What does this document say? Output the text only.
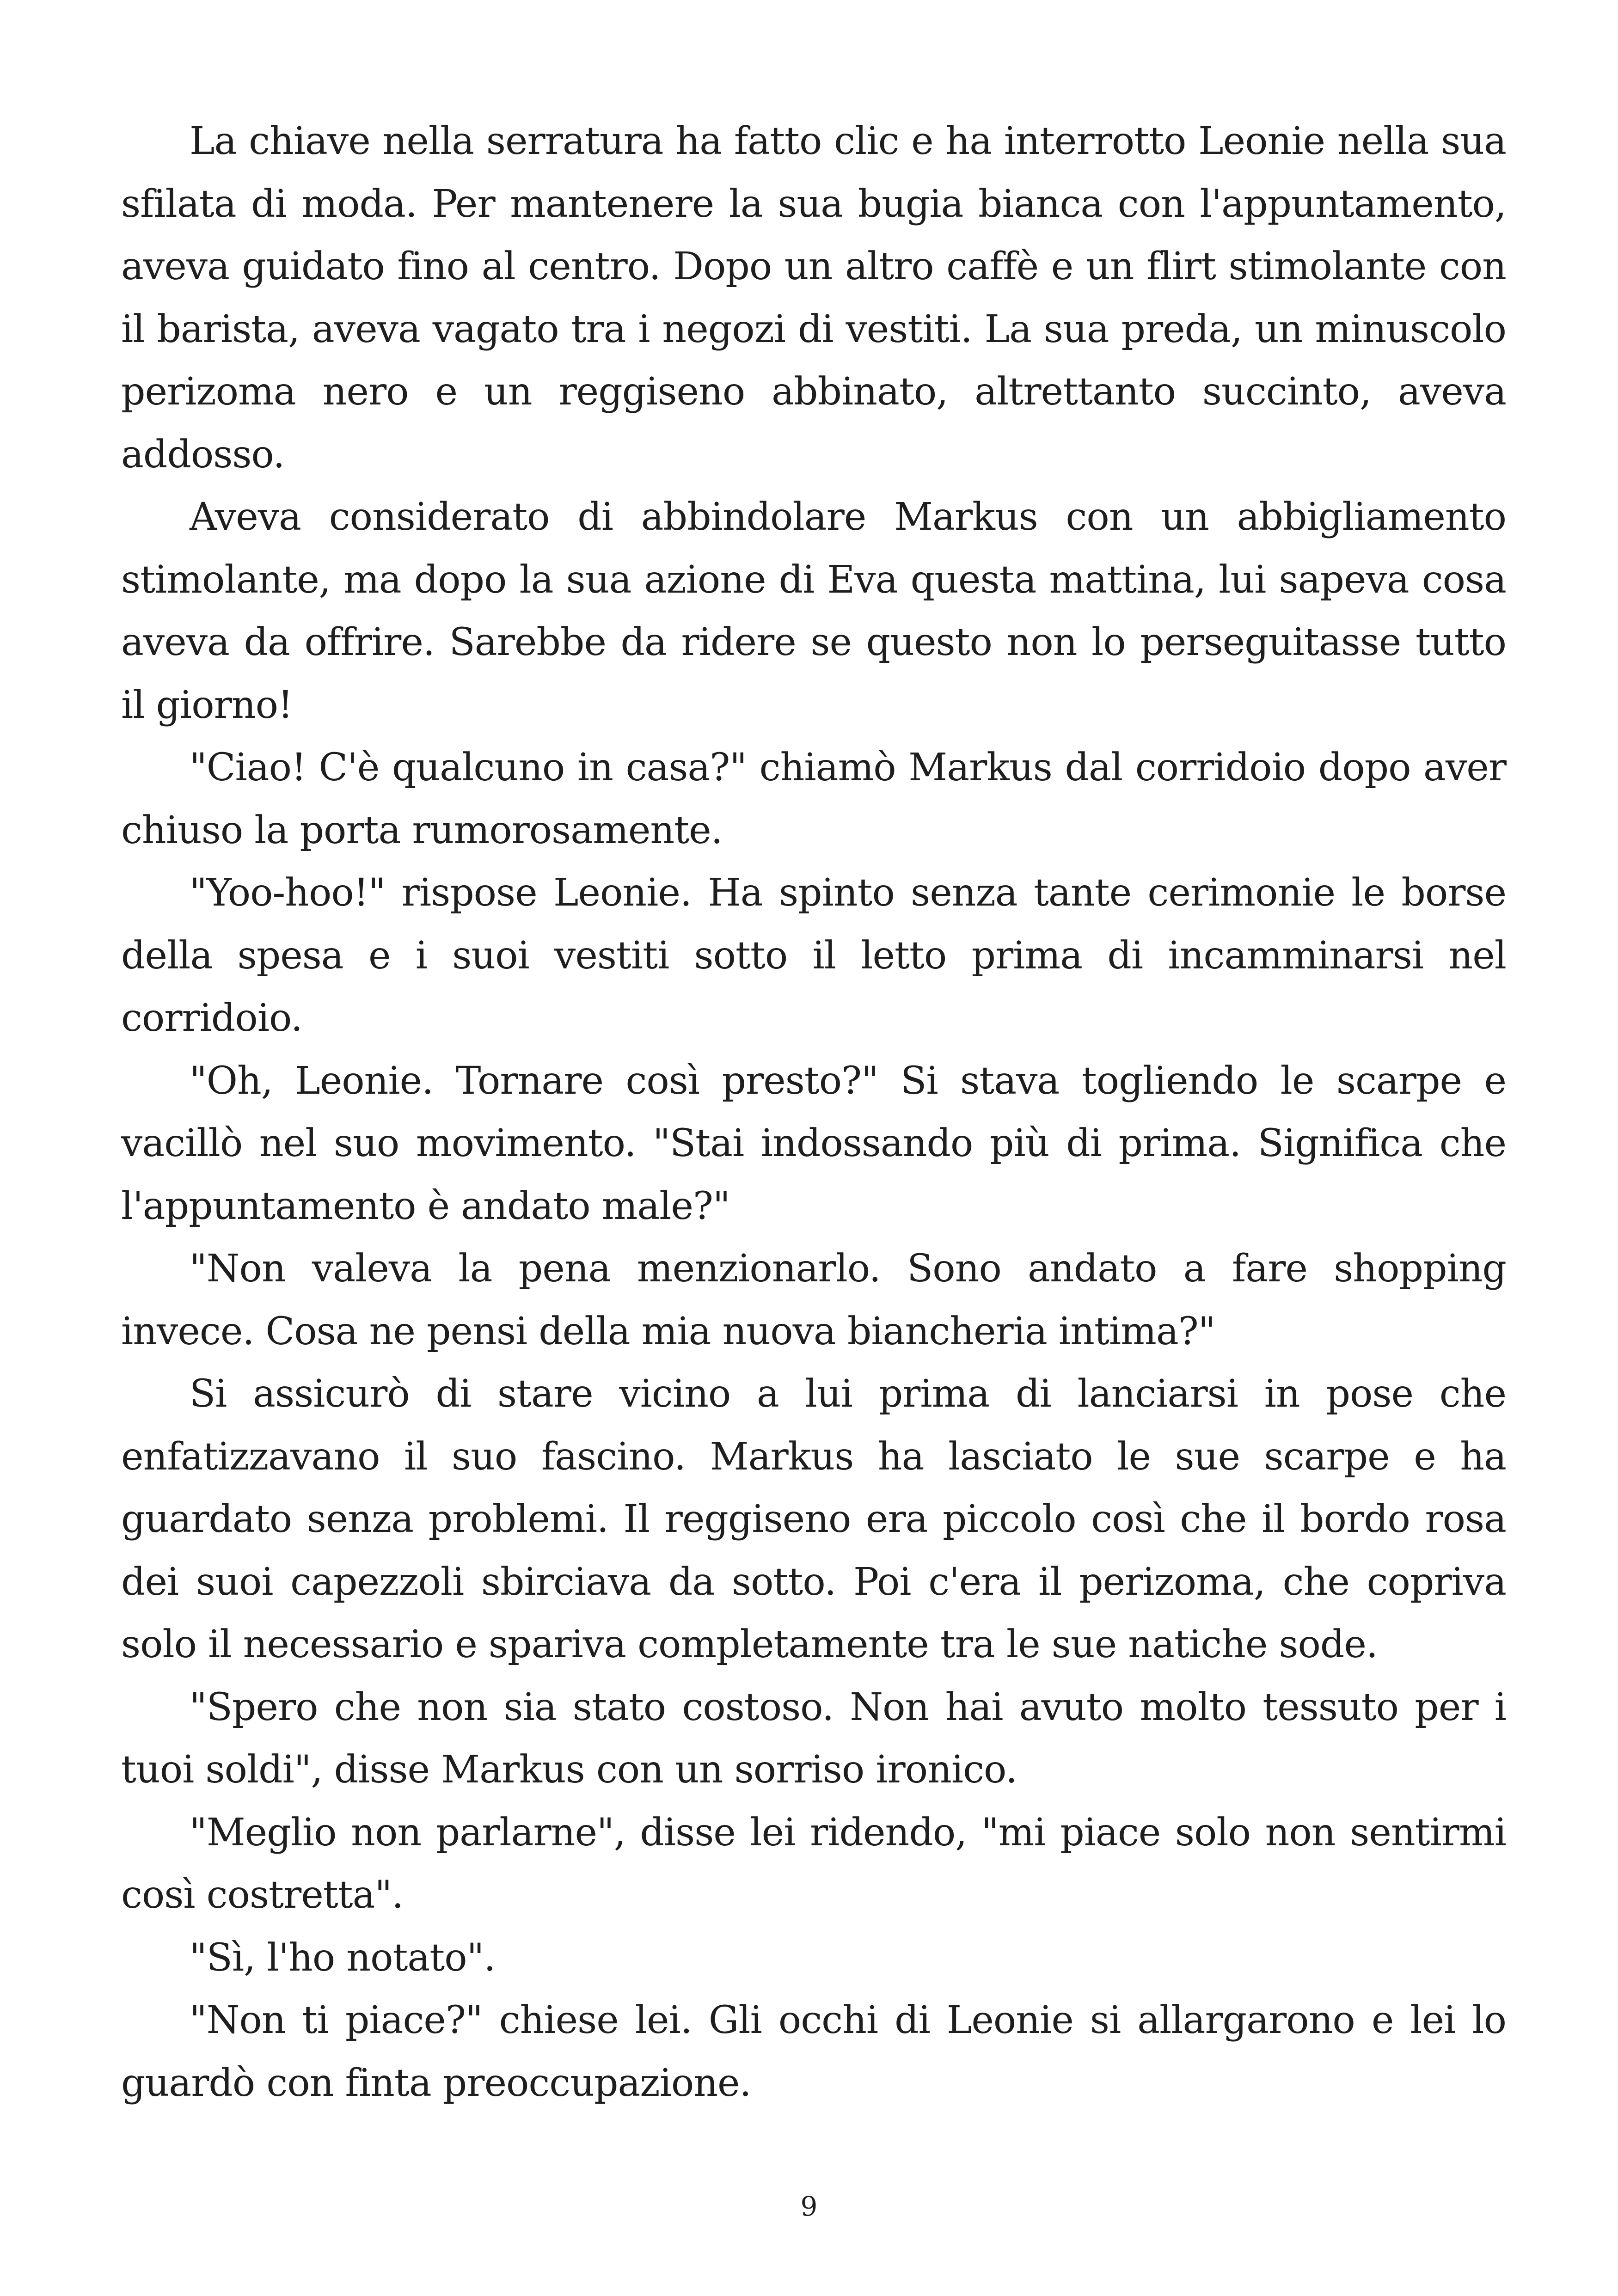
La chiave nella serratura ha fatto clic e ha interrotto Leonie nella sua sfilata di moda. Per mantenere la sua bugia bianca con l'appuntamento, aveva guidato fino al centro. Dopo un altro caffè e un flirt stimolante con il barista, aveva vagato tra i negozi di vestiti. La sua preda, un minuscolo perizoma nero e un reggiseno abbinato, altrettanto succinto, aveva addosso.

Aveva considerato di abbindolare Markus con un abbigliamento stimolante, ma dopo la sua azione di Eva questa mattina, lui sapeva cosa aveva da offrire. Sarebbe da ridere se questo non lo perseguitasse tutto il giorno!

"Ciao! C'è qualcuno in casa?" chiamò Markus dal corridoio dopo aver chiuso la porta rumorosamente.

"Yoo-hoo!" rispose Leonie. Ha spinto senza tante cerimonie le borse della spesa e i suoi vestiti sotto il letto prima di incamminarsi nel corridoio.

"Oh, Leonie. Tornare così presto?" Si stava togliendo le scarpe e vacillò nel suo movimento. "Stai indossando più di prima. Significa che l'appuntamento è andato male?"

"Non valeva la pena menzionarlo. Sono andato a fare shopping invece. Cosa ne pensi della mia nuova biancheria intima?"

Si assicurò di stare vicino a lui prima di lanciarsi in pose che enfatizzavano il suo fascino. Markus ha lasciato le sue scarpe e ha guardato senza problemi. Il reggiseno era piccolo così che il bordo rosa dei suoi capezzoli sbirciava da sotto. Poi c'era il perizoma, che copriva solo il necessario e spariva completamente tra le sue natiche sode.

"Spero che non sia stato costoso. Non hai avuto molto tessuto per i tuoi soldi", disse Markus con un sorriso ironico.

"Meglio non parlarne", disse lei ridendo, "mi piace solo non sentirmi così costretta".

"Sì, l'ho notato".

"Non ti piace?" chiese lei. Gli occhi di Leonie si allargarono e lei lo guardò con finta preoccupazione.

9
